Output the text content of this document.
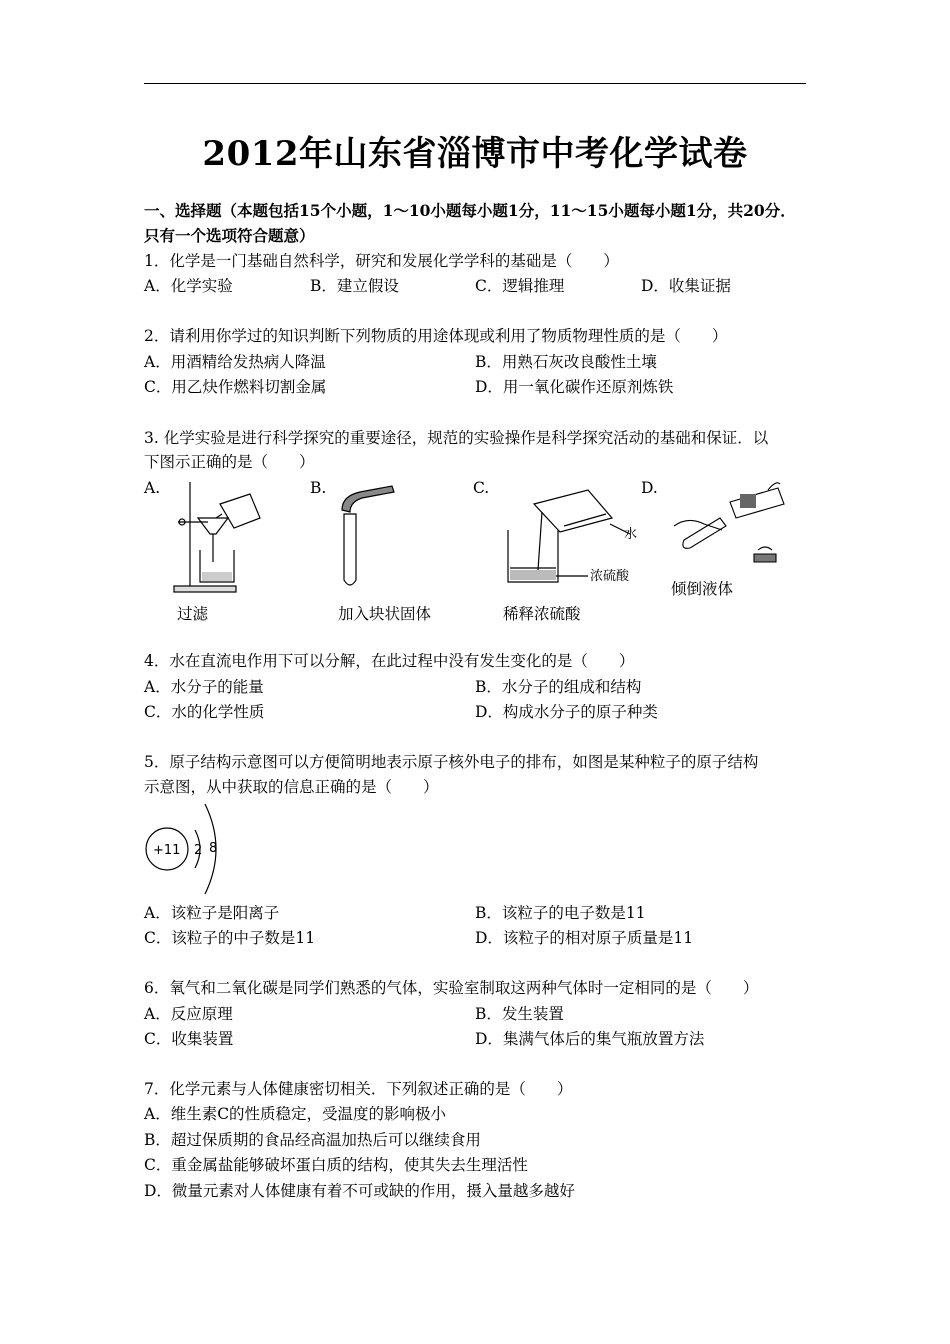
2012年山东省淄博市中考化学试卷
一、选择题（本题包括15个小题，1～10小题每小题1分，11～15小题每小题1分，共20分．
只有一个选项符合题意）
1．化学是一门基础自然科学，研究和发展化学学科的基础是（　　）
A．化学实验	B．建立假设	C．逻辑推理	D．收集证据
2．请利用你学过的知识判断下列物质的用途体现或利用了物质物理性质的是（　　）
A．用酒精给发热病人降温	B．用熟石灰改良酸性土壤
C．用乙炔作燃料切割金属	D．用一氧化碳作还原剂炼铁
3. 化学实验是进行科学探究的重要途径，规范的实验操作是科学探究活动的基础和保证．以
下图示正确的是（　　）
A.	B.	C.	D.
过滤	加入块状固体
水
浓硫酸
稀释浓硫酸
倾倒液体
4．水在直流电作用下可以分解，在此过程中没有发生变化的是（　　）
A．水分子的能量	B．水分子的组成和结构
C．水的化学性质	D．构成水分子的原子种类
5．原子结构示意图可以方便简明地表示原子核外电子的排布，如图是某种粒子的原子结构
示意图，从中获取的信息正确的是（　　）
+11 2 8
A．该粒子是阳离子	B．该粒子的电子数是11
C．该粒子的中子数是11	D．该粒子的相对原子质量是11
6．氧气和二氧化碳是同学们熟悉的气体，实验室制取这两种气体时一定相同的是（　　）
A．反应原理	B．发生装置
C．收集装置	D．集满气体后的集气瓶放置方法
7．化学元素与人体健康密切相关．下列叙述正确的是（　　）
A．维生素C的性质稳定，受温度的影响极小
B．超过保质期的食品经高温加热后可以继续食用
C．重金属盐能够破坏蛋白质的结构，使其失去生理活性
D．微量元素对人体健康有着不可或缺的作用，摄入量越多越好
